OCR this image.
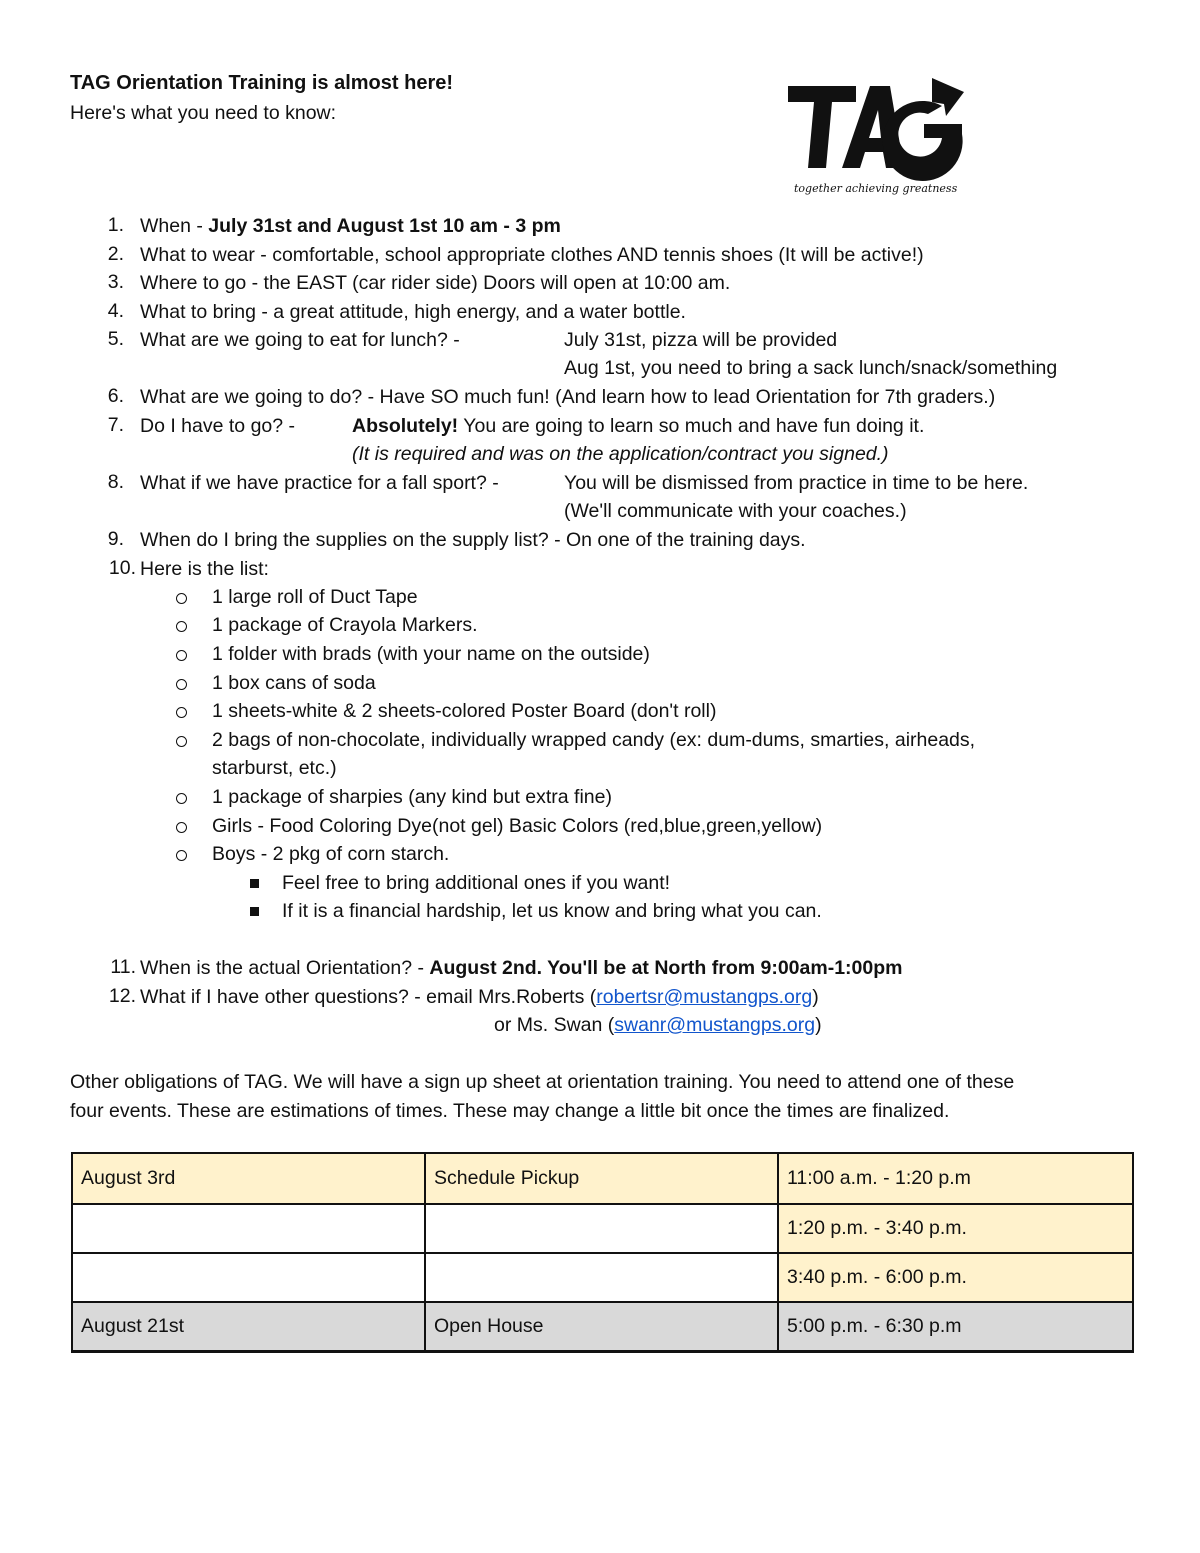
TAG Orientation Training is almost here!
Here's what you need to know:
together achieving greatness
1. When - July 31st and August 1st 10 am - 3 pm
2. What to wear - comfortable, school appropriate clothes AND tennis shoes (It will be active!)
3. Where to go - the EAST (car rider side) Doors will open at 10:00 am.
4. What to bring - a great attitude, high energy, and a water bottle.
5. What are we going to eat for lunch? -	July 31st, pizza will be provided
Aug 1st, you need to bring a sack lunch/snack/something
6. What are we going to do? - Have SO much fun! (And learn how to lead Orientation for 7th graders.)
7. Do I have to go? -	Absolutely! You are going to learn so much and have fun doing it.
(It is required and was on the application/contract you signed.)
8. What if we have practice for a fall sport? -	You will be dismissed from practice in time to be here.
(We'll communicate with your coaches.)
9. When do I bring the supplies on the supply list? - On one of the training days.
10. Here is the list:
1 large roll of Duct Tape
1 package of Crayola Markers.
1 folder with brads (with your name on the outside)
1 box cans of soda
1 sheets-white & 2 sheets-colored Poster Board (don't roll)
2 bags of non-chocolate, individually wrapped candy (ex: dum-dums, smarties, airheads,
starburst, etc.)
1 package of sharpies (any kind but extra fine)
Girls - Food Coloring Dye(not gel) Basic Colors (red,blue,green,yellow)
Boys - 2 pkg of corn starch.
Feel free to bring additional ones if you want!
If it is a financial hardship, let us know and bring what you can.
11. When is the actual Orientation? - August 2nd. You'll be at North from 9:00am-1:00pm
12. What if I have other questions? - email Mrs.Roberts (robertsr@mustangps.org)
or Ms. Swan (swanr@mustangps.org)
Other obligations of TAG. We will have a sign up sheet at orientation training. You need to attend one of these
four events. These are estimations of times. These may change a little bit once the times are finalized.
August 3rd	Schedule Pickup	11:00 a.m. - 1:20 p.m
		1:20 p.m. - 3:40 p.m.
		3:40 p.m. - 6:00 p.m.
August 21st	Open House	5:00 p.m. - 6:30 p.m
